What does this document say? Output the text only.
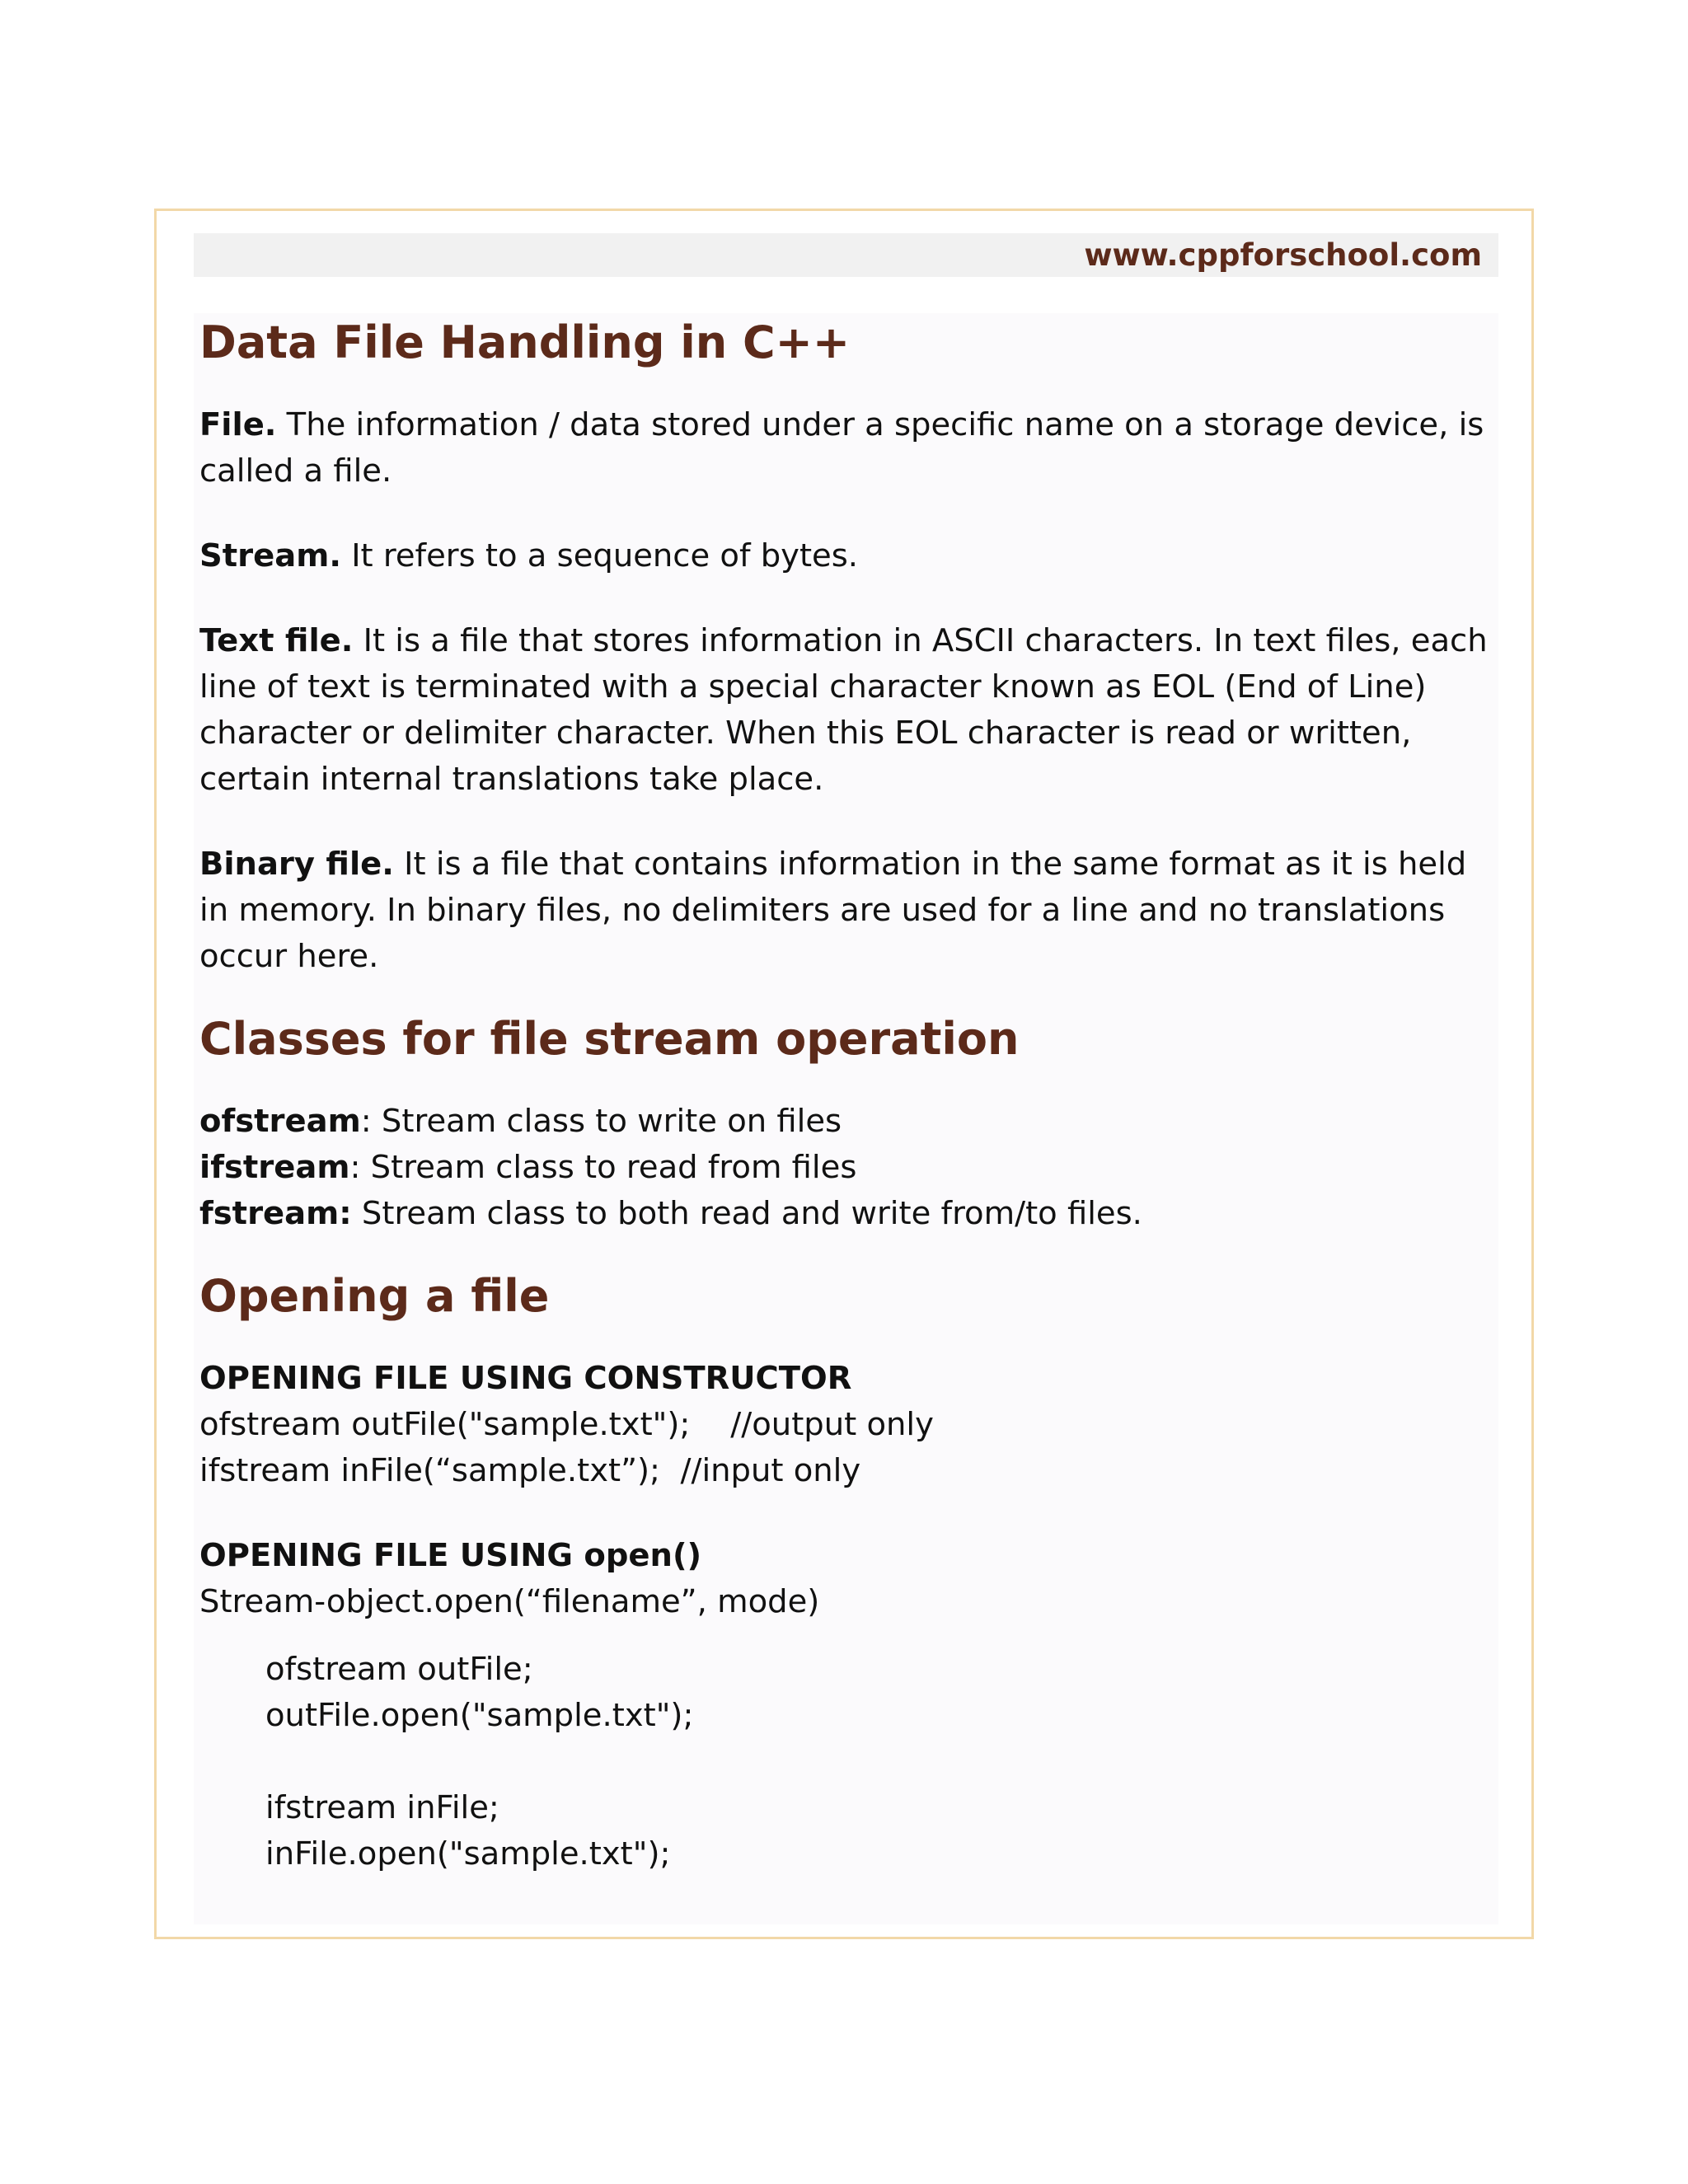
www.cppforschool.com
Data File Handling in C++

File. The information / data stored under a specific name on a storage device, is called a file.

Stream. It refers to a sequence of bytes.

Text file. It is a file that stores information in ASCII characters. In text files, each line of text is terminated with a special character known as EOL (End of Line) character or delimiter character. When this EOL character is read or written, certain internal translations take place.

Binary file. It is a file that contains information in the same format as it is held in memory. In binary files, no delimiters are used for a line and no translations occur here.

Classes for file stream operation

ofstream: Stream class to write on files

ifstream: Stream class to read from files

fstream: Stream class to both read and write from/to files.

Opening a file

OPENING FILE USING CONSTRUCTOR

ofstream outFile("sample.txt");    //output only

ifstream inFile(“sample.txt”);  //input only

OPENING FILE USING open()

Stream-object.open(“filename”, mode)

ofstream outFile;

outFile.open("sample.txt");

ifstream inFile;

inFile.open("sample.txt");
